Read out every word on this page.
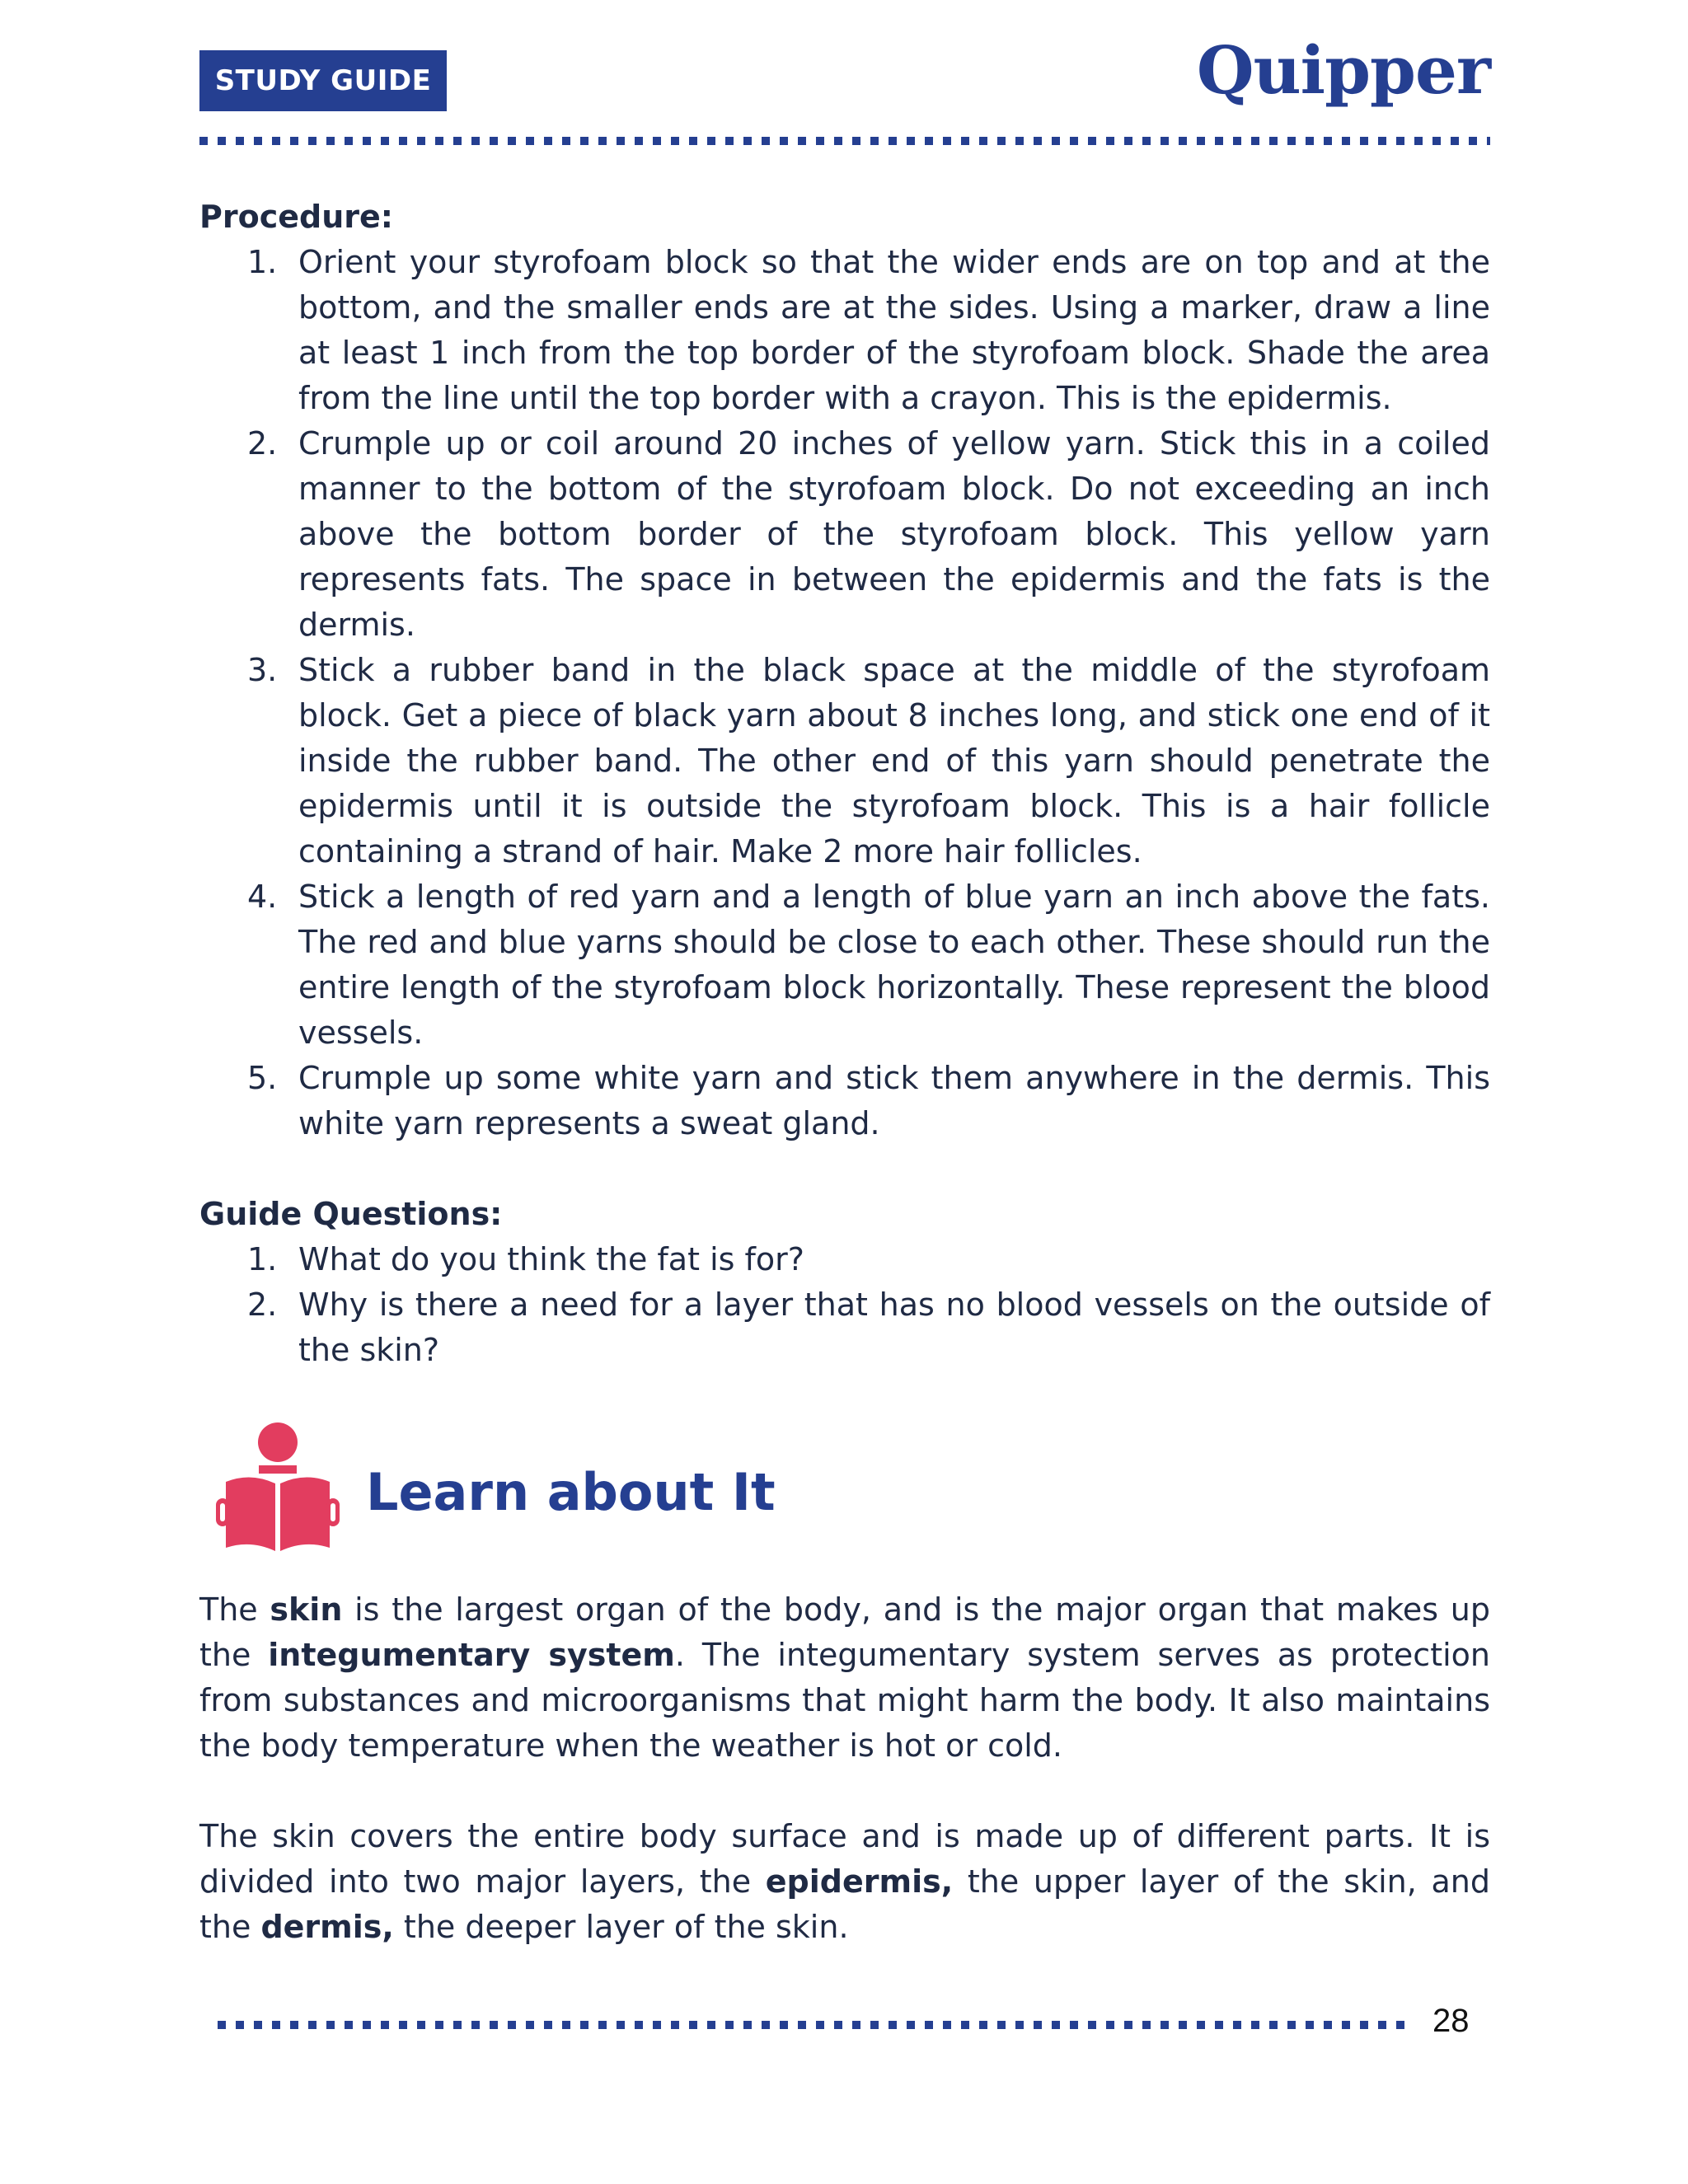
STUDY GUIDE	Quipper
Procedure:
1. Orient your styrofoam block so that the wider ends are on top and at the bottom, and the smaller ends are at the sides. Using a marker, draw a line at least 1 inch from the top border of the styrofoam block. Shade the area from the line until the top border with a crayon. This is the epidermis.
2. Crumple up or coil around 20 inches of yellow yarn. Stick this in a coiled manner to the bottom of the styrofoam block. Do not exceeding an inch above the bottom border of the styrofoam block. This yellow yarn represents fats. The space in between the epidermis and the fats is the dermis.
3. Stick a rubber band in the black space at the middle of the styrofoam block. Get a piece of black yarn about 8 inches long, and stick one end of it inside the rubber band. The other end of this yarn should penetrate the epidermis until it is outside the styrofoam block. This is a hair follicle containing a strand of hair. Make 2 more hair follicles.
4. Stick a length of red yarn and a length of blue yarn an inch above the fats. The red and blue yarns should be close to each other. These should run the entire length of the styrofoam block horizontally. These represent the blood vessels.
5. Crumple up some white yarn and stick them anywhere in the dermis. This white yarn represents a sweat gland.
Guide Questions:
1. What do you think the fat is for?
2. Why is there a need for a layer that has no blood vessels on the outside of the skin?
Learn about It

The skin is the largest organ of the body, and is the major organ that makes up the integumentary system. The integumentary system serves as protection from substances and microorganisms that might harm the body. It also maintains the body temperature when the weather is hot or cold.

The skin covers the entire body surface and is made up of different parts. It is divided into two major layers, the epidermis, the upper layer of the skin, and the dermis, the deeper layer of the skin.

28
